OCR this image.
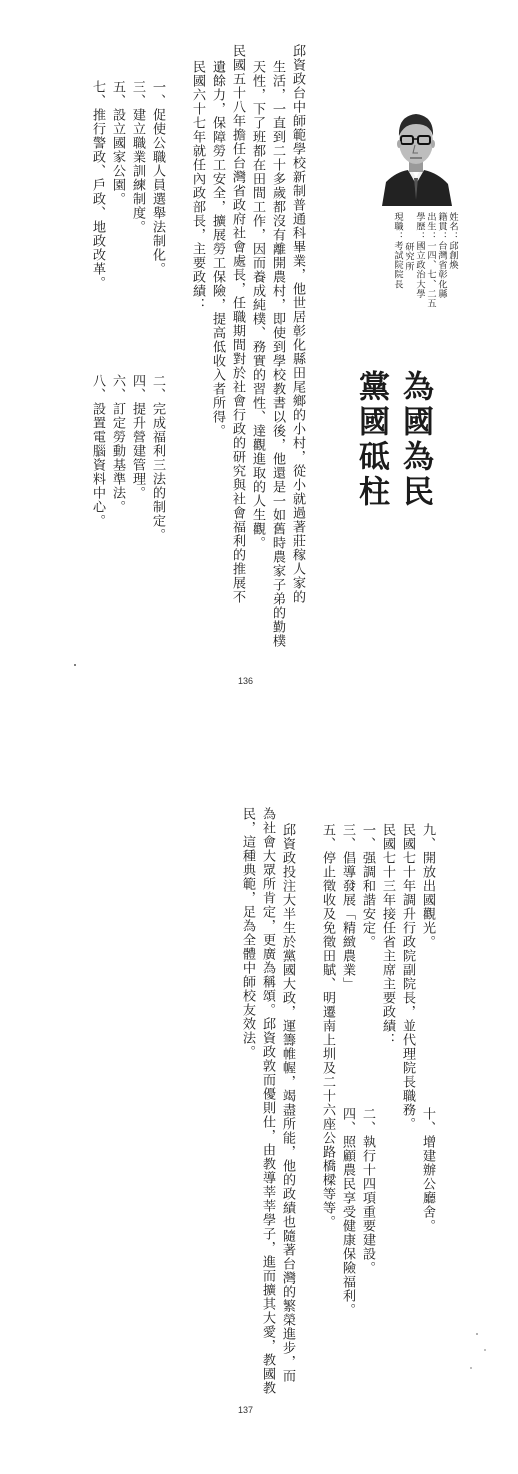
姓名：邱創煥
籍貫：台灣省彰化縣
出生：一四、七、二五
學歷：國立政治大學
研究所
現職：考試院院長
為國為民
黨國砥柱
邱資政台中師範學校新制普通科畢業，他世居彰化縣田尾鄉的小村，從小就過著莊稼人家的
生活，一直到二十多歲都沒有離開農村，即使到學校教書以後，他還是一如舊時農家子弟的勤樸
天性，下了班都在田間工作，因而養成純樸、務實的習性、達觀進取的人生觀。
民國五十八年擔任台灣省政府社會處長，任職期間對於社會行政的研究與社會福利的推展不
遺餘力，保障勞工安全，擴展勞工保險，提高低收入者所得。
民國六十七年就任內政部長，主要政績：
一、促使公職人員選舉法制化。
三、建立職業訓練制度。
五、設立國家公園。
七、推行警政、戶政、地政改革。
二、完成福利三法的制定。
四、提升營建管理。
六、訂定勞動基準法。
八、設置電腦資料中心。
136
九、開放出國觀光。
民國七十年調升行政院副院長，並代理院長職務。
民國七十三年接任省主席主要政績：
一、强調和諧安定。
三、倡導發展「精緻農業」
五、停止徵收及免徵田賦、明遷南上圳及二十六座公路橋樑等等。
邱資政投注大半生於黨國大政，運籌帷幄，竭盡所能，他的政績也隨著台灣的繁榮進步，而
為社會大眾所肯定，更廣為稱頌。邱資政敦而優則仕，由教導莘莘學子，進而擴其大愛，教國教
民，這種典範，足為全體中師校友效法。
十、增建辦公廳舍。
二、執行十四項重要建設。
四、照顧農民享受健康保險福利。
137
